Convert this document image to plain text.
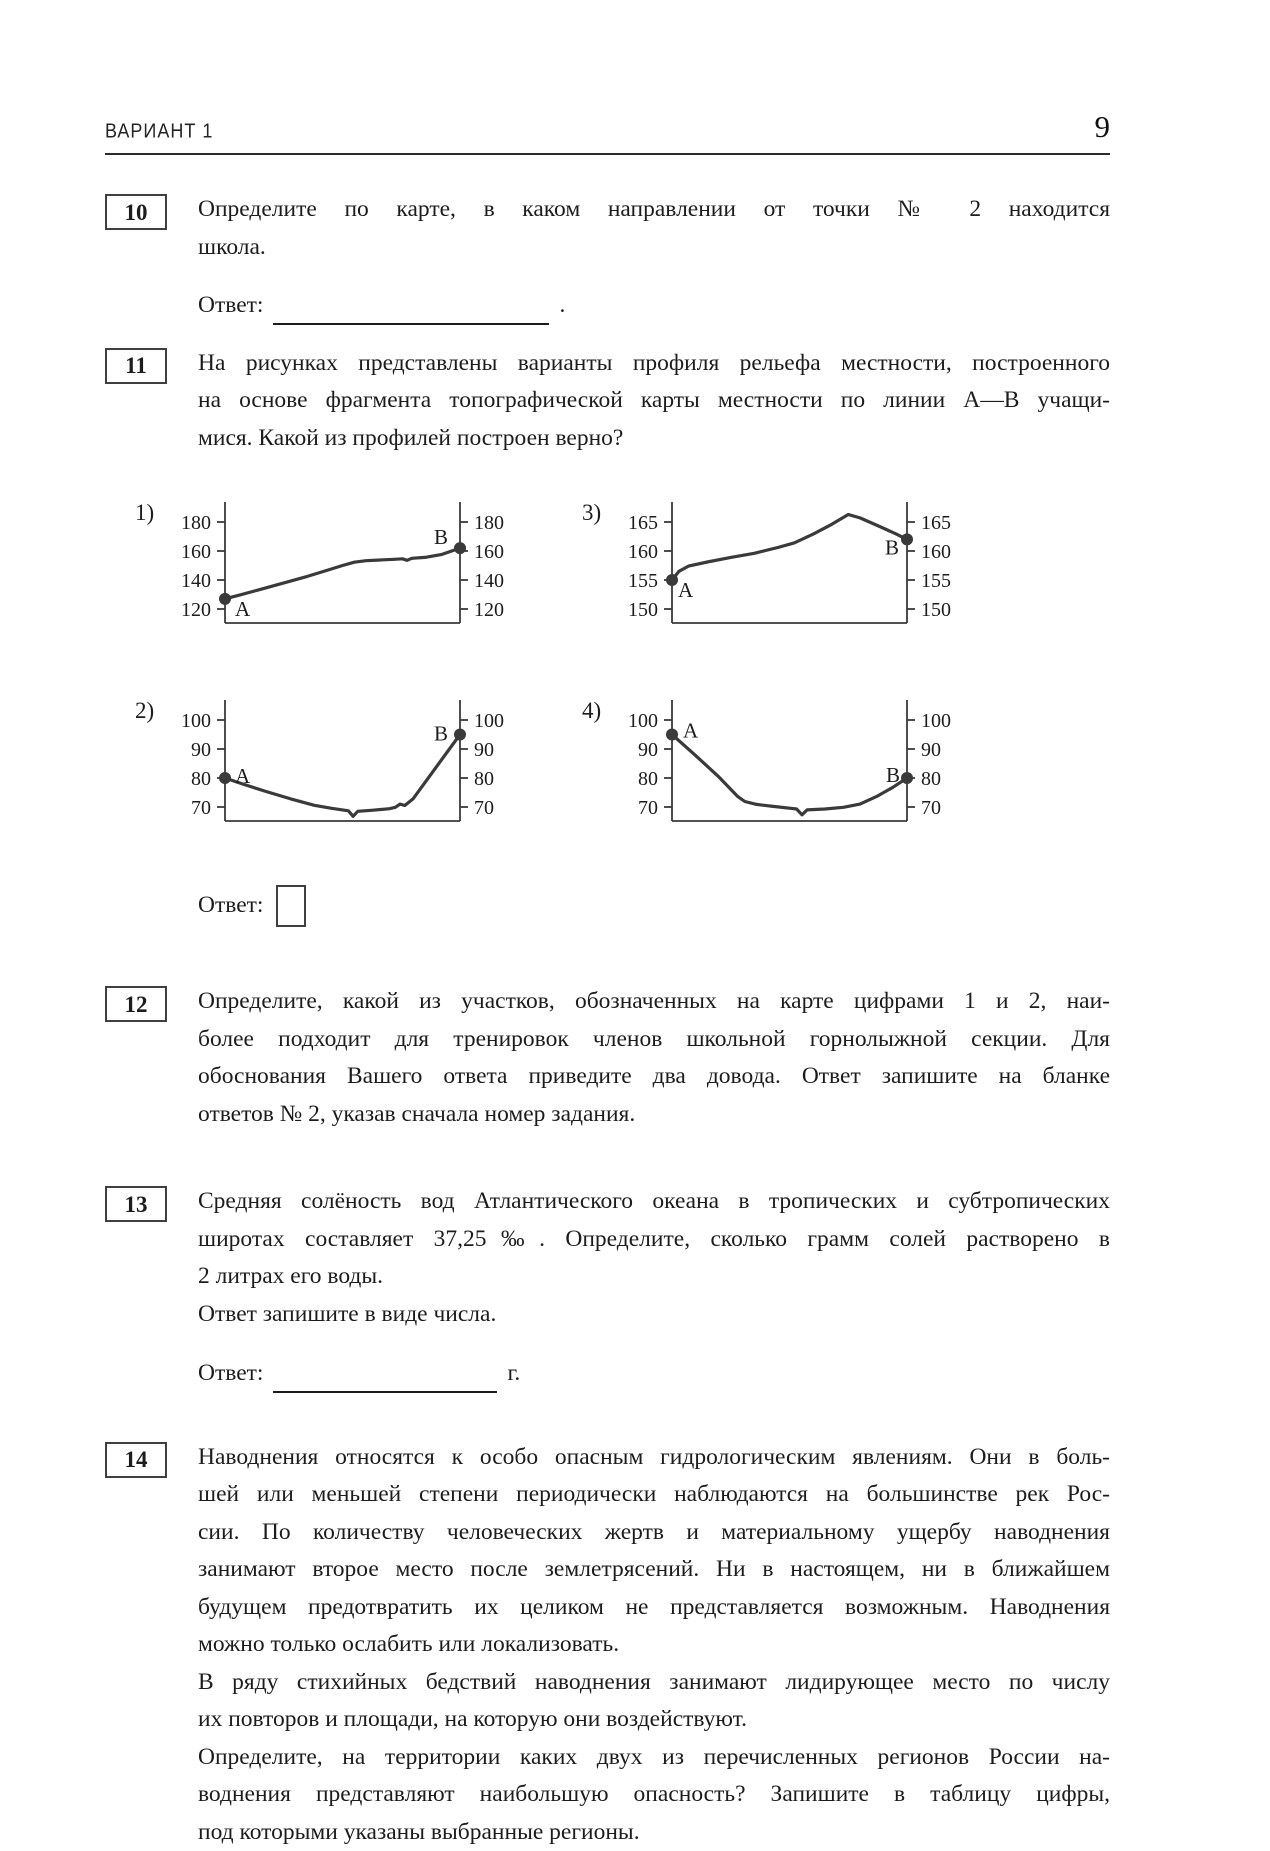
ВАРИАНТ 1	9
10	Определите по карте, в каком направлении от точки № 2 находится
школа.
Ответ:	.
11	На рисунках представлены варианты профиля рельефа местности, построенного
на основе фрагмента топографической карты местности по линии А—В учащи-
мися. Какой из профилей построен верно?
1) 180	180
160	160
140	140
120	120
А
В
3) 165	165
160	160
155	155
150	150
А
В
2) 100	100
90	90
80	80
70	70
А
В
4) 100	100
90	90
80	80
70	70
А
В
Ответ:
12	Определите, какой из участков, обозначенных на карте цифрами 1 и 2, наи-
более подходит для тренировок членов школьной горнолыжной секции. Для
обоснования Вашего ответа приведите два довода. Ответ запишите на бланке
ответов № 2, указав сначала номер задания.
13	Средняя солёность вод Атлантического океана в тропических и субтропических
широтах составляет 37,25‰. Определите, сколько грамм солей растворено в
2 литрах его воды.
Ответ запишите в виде числа.
Ответ:	г.
14	Наводнения относятся к особо опасным гидрологическим явлениям. Они в боль-
шей или меньшей степени периодически наблюдаются на большинстве рек Рос-
сии. По количеству человеческих жертв и материальному ущербу наводнения
занимают второе место после землетрясений. Ни в настоящем, ни в ближайшем
будущем предотвратить их целиком не представляется возможным. Наводнения
можно только ослабить или локализовать.
В ряду стихийных бедствий наводнения занимают лидирующее место по числу
их повторов и площади, на которую они воздействуют.
Определите, на территории каких двух из перечисленных регионов России на-
воднения представляют наибольшую опасность? Запишите в таблицу цифры,
под которыми указаны выбранные регионы.
